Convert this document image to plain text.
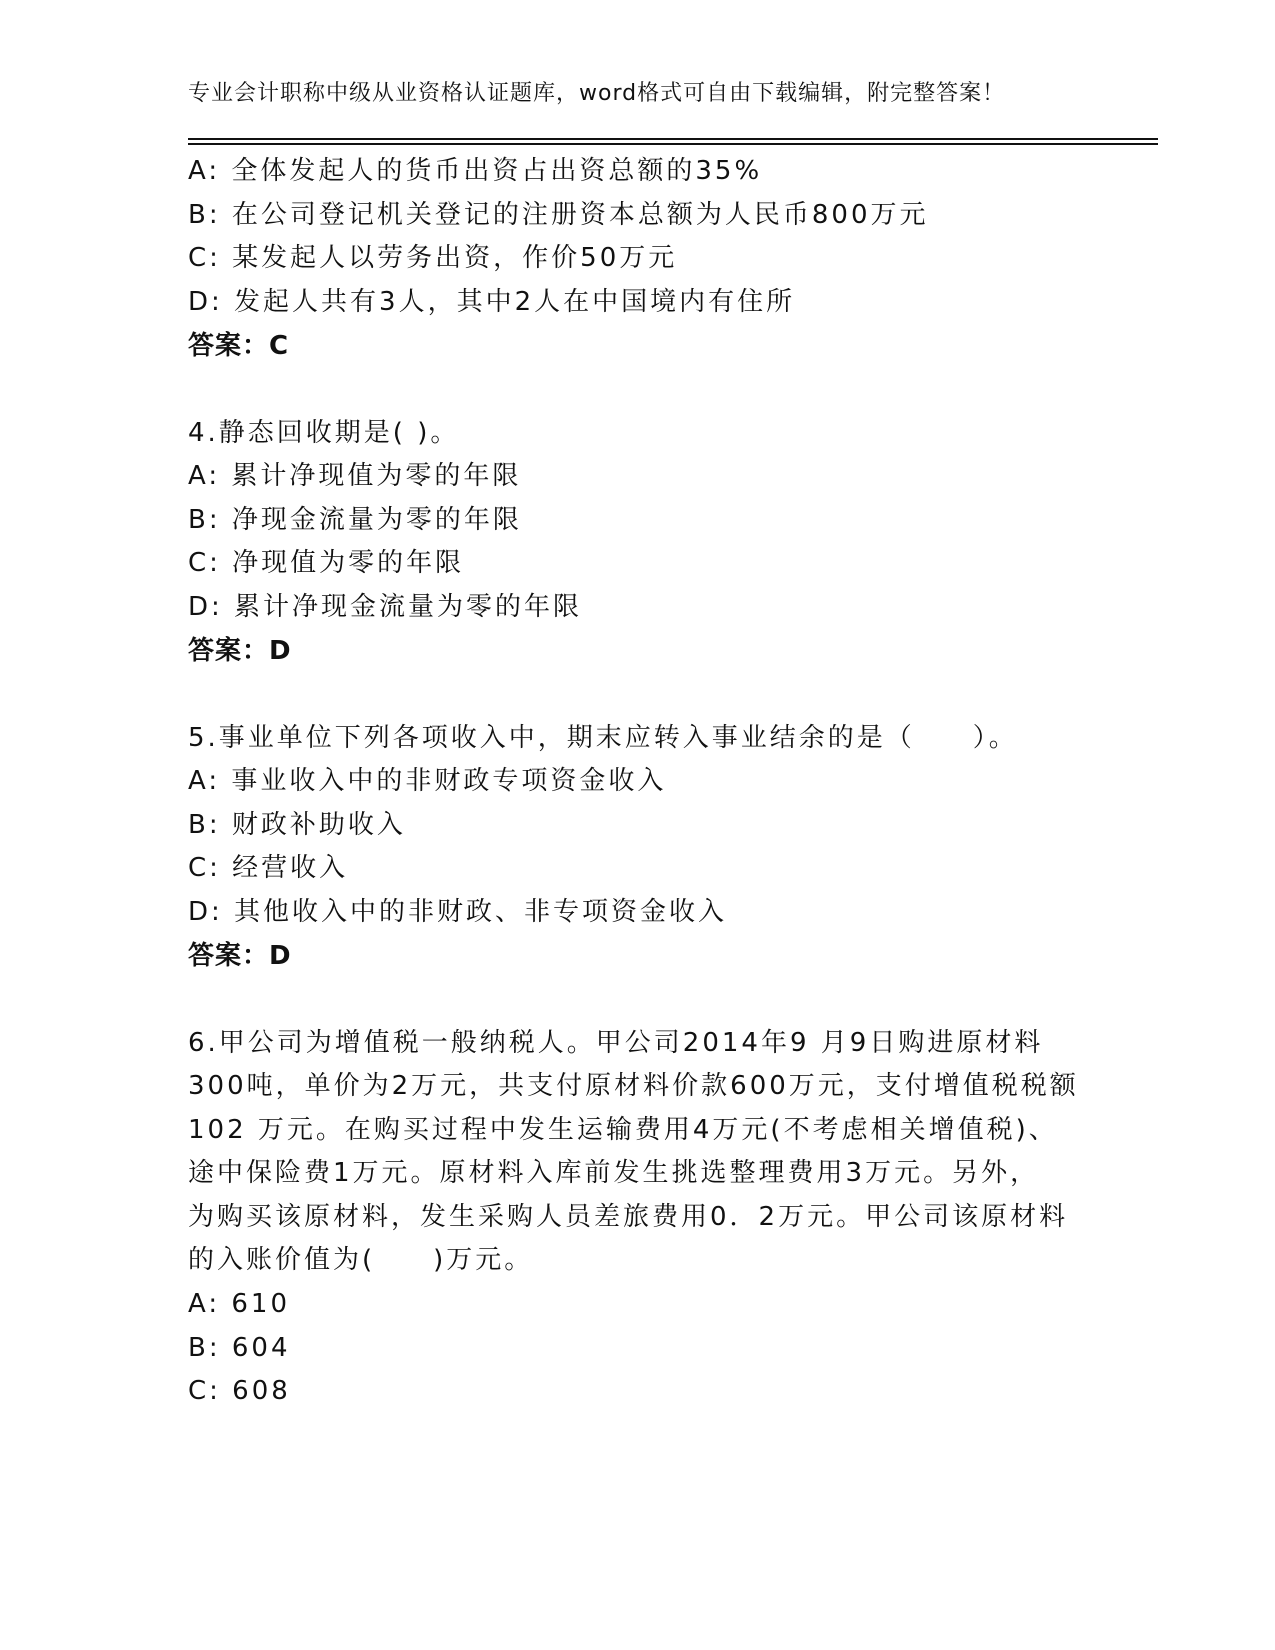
专业会计职称中级从业资格认证题库，word格式可自由下载编辑，附完整答案！
A: 全体发起人的货币出资占出资总额的35%
B: 在公司登记机关登记的注册资本总额为人民币800万元
C: 某发起人以劳务出资，作价50万元
D: 发起人共有3人，其中2人在中国境内有住所
答案：C
4.静态回收期是( )。
A: 累计净现值为零的年限
B: 净现金流量为零的年限
C: 净现值为零的年限
D: 累计净现金流量为零的年限
答案：D
5.事业单位下列各项收入中，期末应转入事业结余的是（　　）。
A: 事业收入中的非财政专项资金收入
B: 财政补助收入
C: 经营收入
D: 其他收入中的非财政、非专项资金收入
答案：D
6.甲公司为增值税一般纳税人。甲公司2014年9 月9日购进原材料
300吨，单价为2万元，共支付原材料价款600万元，支付增值税税额
102 万元。在购买过程中发生运输费用4万元(不考虑相关增值税)、
途中保险费1万元。原材料入库前发生挑选整理费用3万元。另外，
为购买该原材料，发生采购人员差旅费用0．2万元。甲公司该原材料
的入账价值为(　　)万元。
A: 610
B: 604
C: 608
